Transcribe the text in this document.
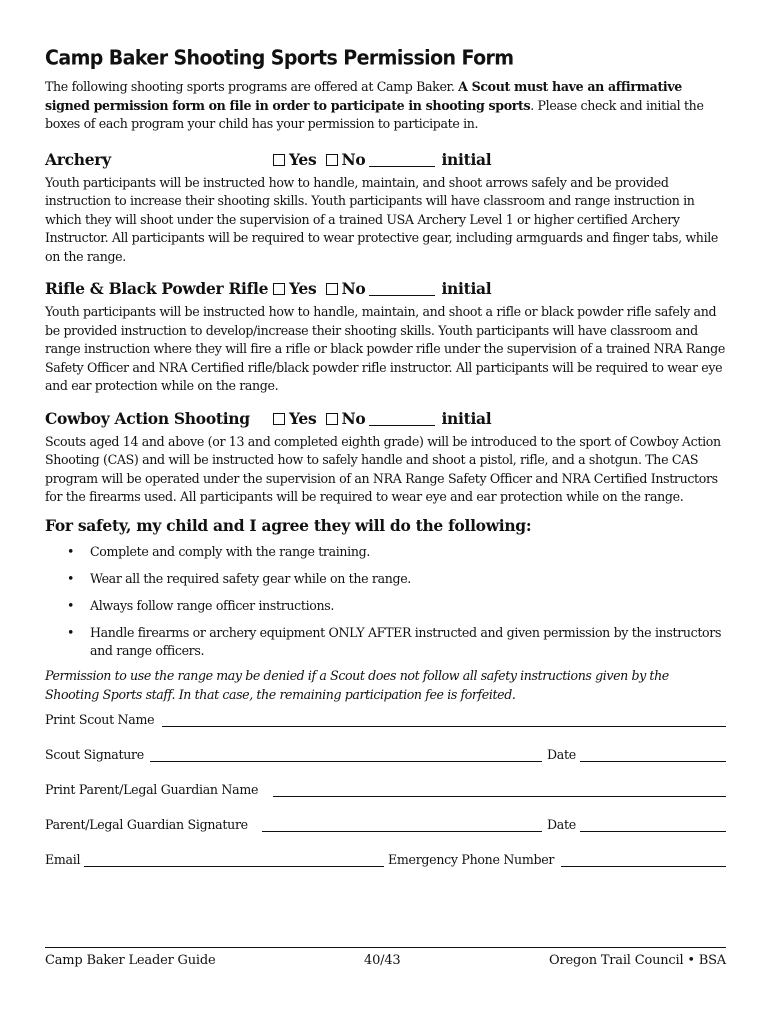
Camp Baker Shooting Sports Permission Form

The following shooting sports programs are offered at Camp Baker. A Scout must have an affirmative signed permission form on file in order to participate in shooting sports. Please check and initial the boxes of each program your child has your permission to participate in.

Archery	Yes No	initial

Youth participants will be instructed how to handle, maintain, and shoot arrows safely and be provided instruction to increase their shooting skills. Youth participants will have classroom and range instruction in which they will shoot under the supervision of a trained USA Archery Level 1 or higher certified Archery Instructor. All participants will be required to wear protective gear, including armguards and finger tabs, while on the range.

Rifle & Black Powder Rifle	Yes No	initial

Youth participants will be instructed how to handle, maintain, and shoot a rifle or black powder rifle safely and be provided instruction to develop/increase their shooting skills. Youth participants will have classroom and range instruction where they will fire a rifle or black powder rifle under the supervision of a trained NRA Range Safety Officer and NRA Certified rifle/black powder rifle instructor. All participants will be required to wear eye and ear protection while on the range.

Cowboy Action Shooting	Yes No	initial

Scouts aged 14 and above (or 13 and completed eighth grade) will be introduced to the sport of Cowboy Action Shooting (CAS) and will be instructed how to safely handle and shoot a pistol, rifle, and a shotgun. The CAS program will be operated under the supervision of an NRA Range Safety Officer and NRA Certified Instructors for the firearms used. All participants will be required to wear eye and ear protection while on the range.

For safety, my child and I agree they will do the following:
• Complete and comply with the range training.
• Wear all the required safety gear while on the range.
• Always follow range officer instructions.
• Handle firearms or archery equipment ONLY AFTER instructed and given permission by the instructors and range officers.

Permission to use the range may be denied if a Scout does not follow all safety instructions given by the Shooting Sports staff. In that case, the remaining participation fee is forfeited.

Print Scout Name
Scout Signature	Date
Print Parent/Legal Guardian Name
Parent/Legal Guardian Signature	Date
Email	Emergency Phone Number
Camp Baker Leader Guide	40/43	Oregon Trail Council • BSA
